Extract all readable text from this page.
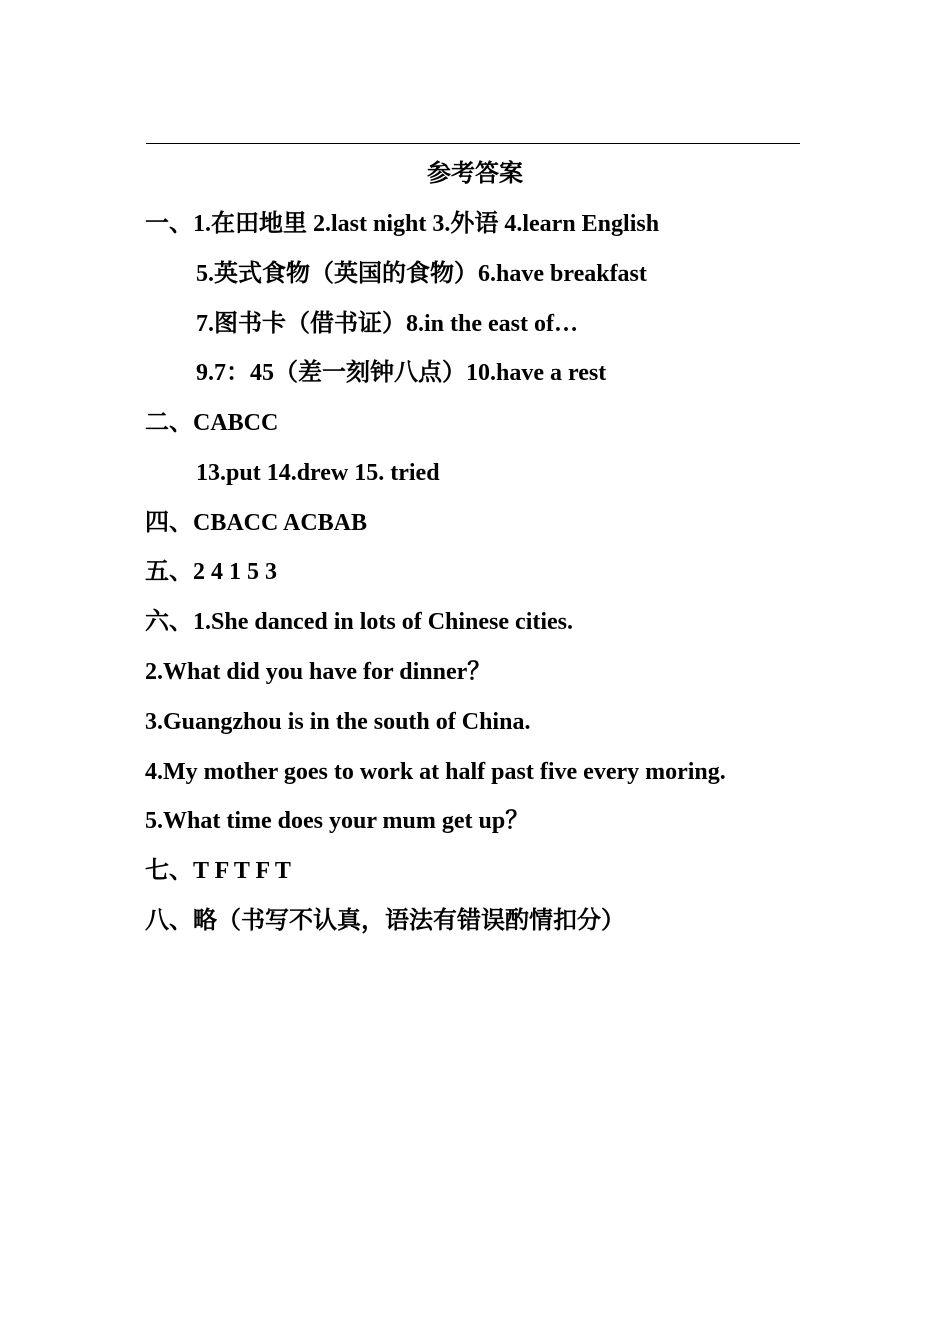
参考答案
一、1.在田地里 2.last night 3.外语 4.learn English
5.英式食物（英国的食物）6.have breakfast
7.图书卡（借书证）8.in the east of…
9.7：45（差一刻钟八点）10.have a rest
二、CABCC
13.put 14.drew 15. tried
四、CBACC ACBAB
五、2 4 1 5 3
六、1.She danced in lots of Chinese cities.
2.What did you have for dinner？
3.Guangzhou is in the south of China.
4.My mother goes to work at half past five every moring.
5.What time does your mum get up？
七、T F T F T
八、略（书写不认真，语法有错误酌情扣分）
